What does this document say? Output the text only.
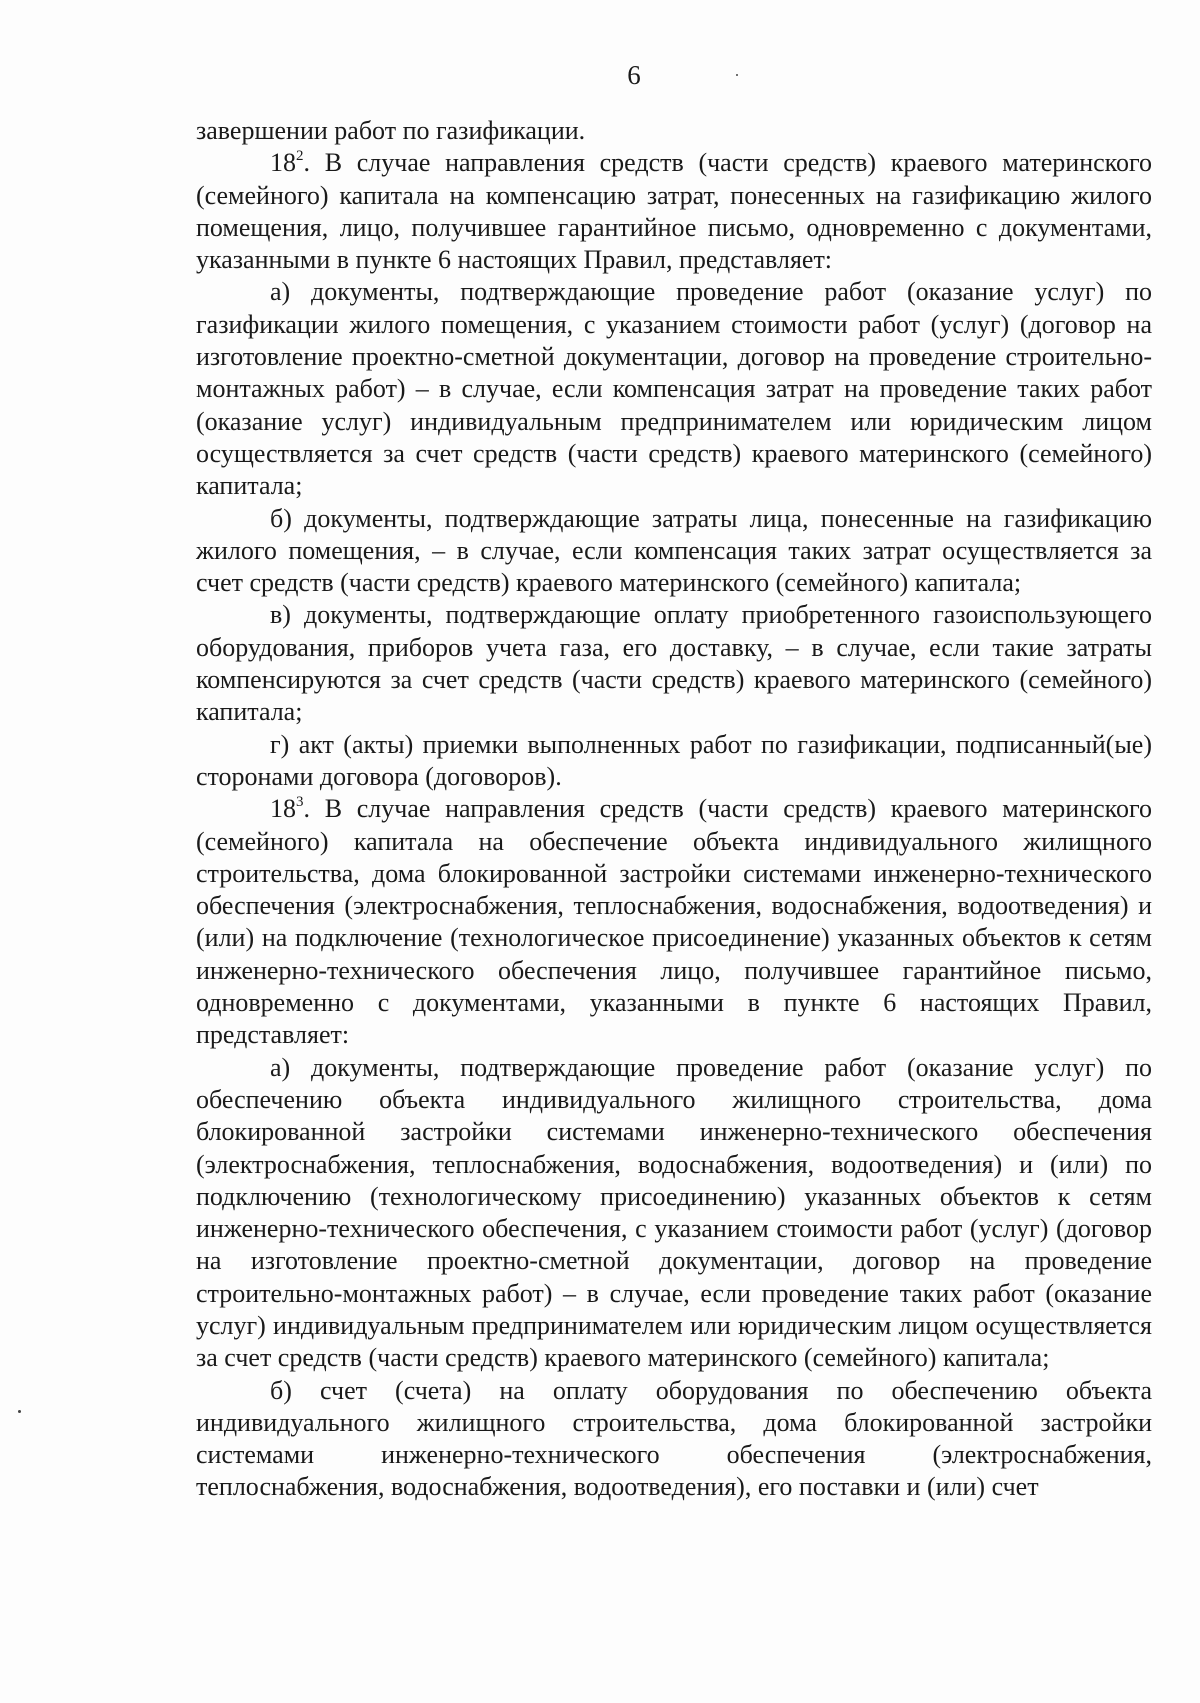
6

завершении работ по газификации.

$18^2$. В случае направления средств (части средств) краевого материнского (семейного) капитала на компенсацию затрат, понесенных на газификацию жилого помещения, лицо, получившее гарантийное письмо, одновременно с документами, указанными в пункте 6 настоящих Правил, представляет:

а) документы, подтверждающие проведение работ (оказание услуг) по газификации жилого помещения, с указанием стоимости работ (услуг) (договор на изготовление проектно-сметной документации, договор на проведение строительно-монтажных работ) – в случае, если компенсация затрат на проведение таких работ (оказание услуг) индивидуальным предпринимателем или юридическим лицом осуществляется за счет средств (части средств) краевого материнского (семейного) капитала;

б) документы, подтверждающие затраты лица, понесенные на газификацию жилого помещения, – в случае, если компенсация таких затрат осуществляется за счет средств (части средств) краевого материнского (семейного) капитала;

в) документы, подтверждающие оплату приобретенного газоиспользующего оборудования, приборов учета газа, его доставку, – в случае, если такие затраты компенсируются за счет средств (части средств) краевого материнского (семейного) капитала;

г) акт (акты) приемки выполненных работ по газификации, подписанный(ые) сторонами договора (договоров).

$18^3$. В случае направления средств (части средств) краевого материнского (семейного) капитала на обеспечение объекта индивидуального жилищного строительства, дома блокированной застройки системами инженерно-технического обеспечения (электроснабжения, теплоснабжения, водоснабжения, водоотведения) и (или) на подключение (технологическое присоединение) указанных объектов к сетям инженерно-технического обеспечения лицо, получившее гарантийное письмо, одновременно с документами, указанными в пункте 6 настоящих Правил, представляет:

а) документы, подтверждающие проведение работ (оказание услуг) по обеспечению объекта индивидуального жилищного строительства, дома блокированной застройки системами инженерно-технического обеспечения (электроснабжения, теплоснабжения, водоснабжения, водоотведения) и (или) по подключению (технологическому присоединению) указанных объектов к сетям инженерно-технического обеспечения, с указанием стоимости работ (услуг) (договор на изготовление проектно-сметной документации, договор на проведение строительно-монтажных работ) – в случае, если проведение таких работ (оказание услуг) индивидуальным предпринимателем или юридическим лицом осуществляется за счет средств (части средств) краевого материнского (семейного) капитала;

б) счет (счета) на оплату оборудования по обеспечению объекта индивидуального жилищного строительства, дома блокированной застройки системами инженерно-технического обеспечения (электроснабжения, теплоснабжения, водоснабжения, водоотведения), его поставки и (или) счет
